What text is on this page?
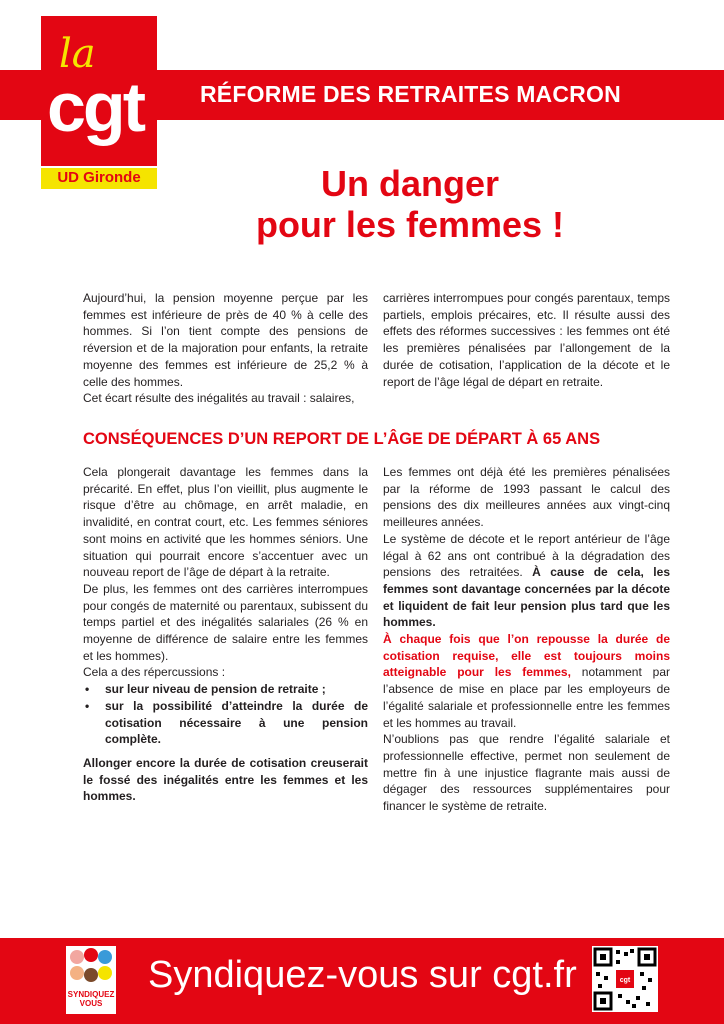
RÉFORME DES RETRAITES MACRON
la
cgt
UD Gironde	Un danger
pour les femmes !

Aujourd’hui, la pension moyenne perçue par les femmes est inférieure de près de 40 % à celle des hommes. Si l’on tient compte des pensions de réversion et de la majoration pour enfants, la retraite moyenne des femmes est inférieure de 25,2 % à celle des hommes.

Cet écart résulte des inégalités au travail : salaires,

carrières interrompues pour congés parentaux, temps partiels, emplois précaires, etc. Il résulte aussi des effets des réformes successives : les femmes ont été les premières pénalisées par l’allongement de la durée de cotisation, l’application de la décote et le report de l’âge légal de départ en retraite.

CONSÉQUENCES D’UN REPORT DE L’ÂGE DE DÉPART À 65 ANS

Cela plongerait davantage les femmes dans la précarité. En effet, plus l’on vieillit, plus augmente le risque d’être au chômage, en arrêt maladie, en invalidité, en contrat court, etc. Les femmes séniores sont moins en activité que les hommes séniors. Une situation qui pourrait encore s’accentuer avec un nouveau report de l’âge de départ à la retraite.

De plus, les femmes ont des carrières interrompues pour congés de maternité ou parentaux, subissent du temps partiel et des inégalités salariales (26 % en moyenne de différence de salaire entre les femmes et les hommes).

Cela a des répercussions :

• sur leur niveau de pension de retraite ;
• sur la possibilité d’atteindre la durée de cotisation nécessaire à une pension complète.

Allonger encore la durée de cotisation creuserait le fossé des inégalités entre les femmes et les hommes.

Les femmes ont déjà été les premières pénalisées par la réforme de 1993 passant le calcul des pensions des dix meilleures années aux vingt-cinq meilleures années.

Le système de décote et le report antérieur de l’âge légal à 62 ans ont contribué à la dégradation des pensions des retraitées. À cause de cela, les femmes sont davantage concernées par la décote et liquident de fait leur pension plus tard que les hommes.

À chaque fois que l’on repousse la durée de cotisation requise, elle est toujours moins atteignable pour les femmes, notamment par l’absence de mise en place par les employeurs de l’égalité salariale et professionnelle entre les femmes et les hommes au travail.

N’oublions pas que rendre l’égalité salariale et professionnelle effective, permet non seulement de mettre fin à une injustice flagrante mais aussi de dégager des ressources supplémentaires pour financer le système de retraite.

SYNDIQUEZ
VOUS
Syndiquez-vous sur cgt.fr	cgt
